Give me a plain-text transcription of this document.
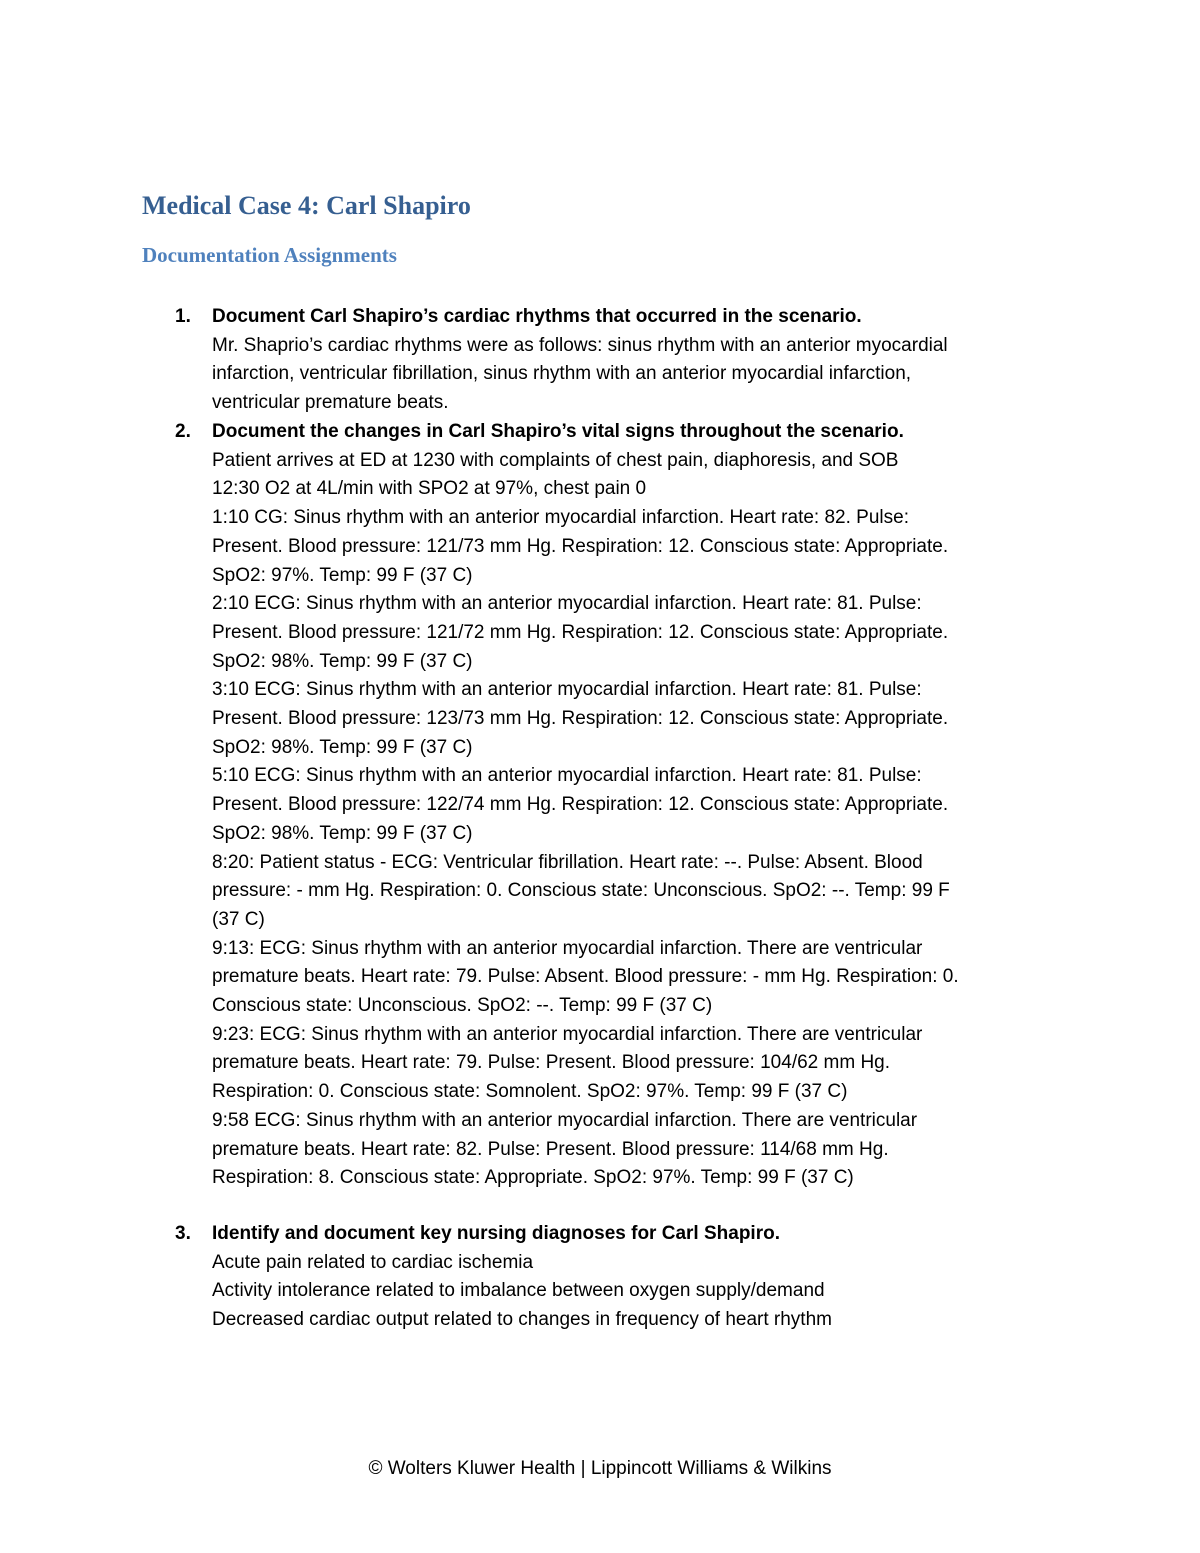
Medical Case 4: Carl Shapiro
Documentation Assignments
1. Document Carl Shapiro’s cardiac rhythms that occurred in the scenario.
Mr. Shaprio’s cardiac rhythms were as follows: sinus rhythm with an anterior myocardial
infarction, ventricular fibrillation, sinus rhythm with an anterior myocardial infarction,
ventricular premature beats.
2. Document the changes in Carl Shapiro’s vital signs throughout the scenario.
Patient arrives at ED at 1230 with complaints of chest pain, diaphoresis, and SOB
12:30 O2 at 4L/min with SPO2 at 97%, chest pain 0
1:10 CG: Sinus rhythm with an anterior myocardial infarction. Heart rate: 82. Pulse:
Present. Blood pressure: 121/73 mm Hg. Respiration: 12. Conscious state: Appropriate.
SpO2: 97%. Temp: 99 F (37 C)
2:10 ECG: Sinus rhythm with an anterior myocardial infarction. Heart rate: 81. Pulse:
Present. Blood pressure: 121/72 mm Hg. Respiration: 12. Conscious state: Appropriate.
SpO2: 98%. Temp: 99 F (37 C)
3:10 ECG: Sinus rhythm with an anterior myocardial infarction. Heart rate: 81. Pulse:
Present. Blood pressure: 123/73 mm Hg. Respiration: 12. Conscious state: Appropriate.
SpO2: 98%. Temp: 99 F (37 C)
5:10 ECG: Sinus rhythm with an anterior myocardial infarction. Heart rate: 81. Pulse:
Present. Blood pressure: 122/74 mm Hg. Respiration: 12. Conscious state: Appropriate.
SpO2: 98%. Temp: 99 F (37 C)
8:20: Patient status - ECG: Ventricular fibrillation. Heart rate: --. Pulse: Absent. Blood
pressure: - mm Hg. Respiration: 0. Conscious state: Unconscious. SpO2: --. Temp: 99 F
(37 C)
9:13: ECG: Sinus rhythm with an anterior myocardial infarction. There are ventricular
premature beats. Heart rate: 79. Pulse: Absent. Blood pressure: - mm Hg. Respiration: 0.
Conscious state: Unconscious. SpO2: --. Temp: 99 F (37 C)
9:23: ECG: Sinus rhythm with an anterior myocardial infarction. There are ventricular
premature beats. Heart rate: 79. Pulse: Present. Blood pressure: 104/62 mm Hg.
Respiration: 0. Conscious state: Somnolent. SpO2: 97%. Temp: 99 F (37 C)
9:58 ECG: Sinus rhythm with an anterior myocardial infarction. There are ventricular
premature beats. Heart rate: 82. Pulse: Present. Blood pressure: 114/68 mm Hg.
Respiration: 8. Conscious state: Appropriate. SpO2: 97%. Temp: 99 F (37 C)
3. Identify and document key nursing diagnoses for Carl Shapiro.
Acute pain related to cardiac ischemia
Activity intolerance related to imbalance between oxygen supply/demand
Decreased cardiac output related to changes in frequency of heart rhythm
© Wolters Kluwer Health | Lippincott Williams & Wilkins
